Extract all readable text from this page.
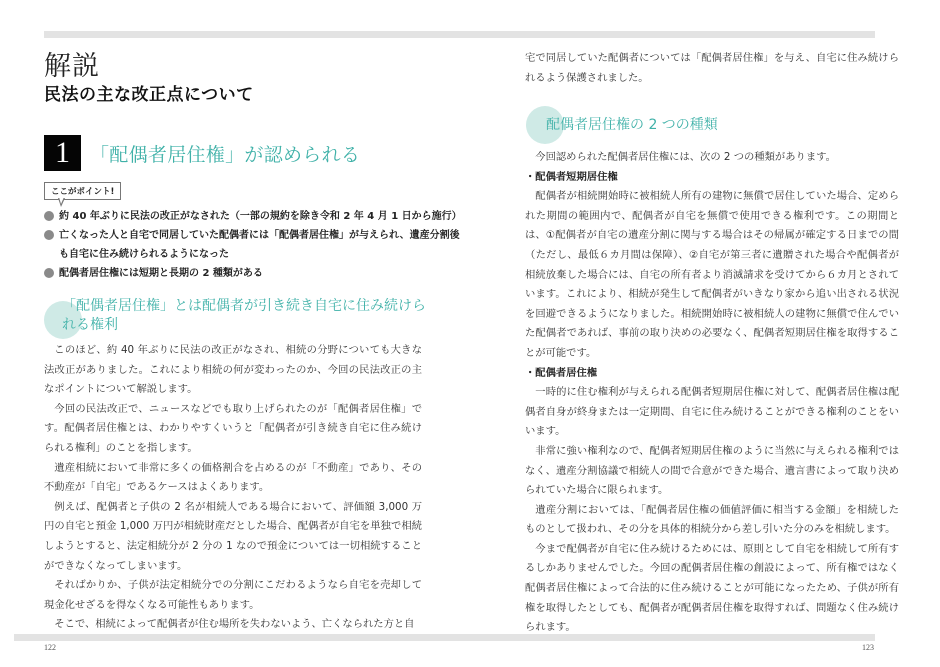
解説
民法の主な改正点について
1	「配偶者居住権」が認められる
ここがポイント!
約 40 年ぶりに民法の改正がなされた（一部の規約を除き令和 2 年 4 月 1 日から施行）
亡くなった人と自宅で同居していた配偶者には「配偶者居住権」が与えられ、遺産分割後も自宅に住み続けられるようになった
配偶者居住権には短期と長期の 2 種類がある
「配偶者居住権」とは配偶者が引き続き自宅に住み続けられる権利

このほど、約 40 年ぶりに民法の改正がなされ、相続の分野についても大きな法改正がありました。これにより相続の何が変わったのか、今回の民法改正の主なポイントについて解説します。

今回の民法改正で、ニュースなどでも取り上げられたのが「配偶者居住権」です。配偶者居住権とは、わかりやすくいうと「配偶者が引き続き自宅に住み続けられる権利」のことを指します。

遺産相続において非常に多くの価格割合を占めるのが「不動産」であり、その不動産が「自宅」であるケースはよくあります。

例えば、配偶者と子供の 2 名が相続人である場合において、評価額 3,000 万円の自宅と預金 1,000 万円が相続財産だとした場合、配偶者が自宅を単独で相続しようとすると、法定相続分が 2 分の 1 なので預金については一切相続することができなくなってしまいます。

そればかりか、子供が法定相続分での分割にこだわるようなら自宅を売却して現金化せざるを得なくなる可能性もあります。

そこで、相続によって配偶者が住む場所を失わないよう、亡くなられた方と自

122

宅で同居していた配偶者については「配偶者居住権」を与え、自宅に住み続けられるよう保護されました。

配偶者居住権の 2 つの種類

今回認められた配偶者居住権には、次の 2 つの種類があります。

・配偶者短期居住権

配偶者が相続開始時に被相続人所有の建物に無償で居住していた場合、定められた期間の範囲内で、配偶者が自宅を無償で使用できる権利です。この期間とは、①配偶者が自宅の遺産分割に関与する場合はその帰属が確定する日までの間（ただし、最低６カ月間は保障）、②自宅が第三者に遺贈された場合や配偶者が相続放棄した場合には、自宅の所有者より消滅請求を受けてから６カ月とされています。これにより、相続が発生して配偶者がいきなり家から追い出される状況を回避できるようになりました。相続開始時に被相続人の建物に無償で住んでいた配偶者であれば、事前の取り決めの必要なく、配偶者短期居住権を取得することが可能です。

・配偶者居住権

一時的に住む権利が与えられる配偶者短期居住権に対して、配偶者居住権は配偶者自身が終身または一定期間、自宅に住み続けることができる権利のことをいいます。

非常に強い権利なので、配偶者短期居住権のように当然に与えられる権利ではなく、遺産分割協議で相続人の間で合意ができた場合、遺言書によって取り決められていた場合に限られます。

遺産分割においては、「配偶者居住権の価値評価に相当する金額」を相続したものとして扱われ、その分を具体的相続分から差し引いた分のみを相続します。

今まで配偶者が自宅に住み続けるためには、原則として自宅を相続して所有するしかありませんでした。今回の配偶者居住権の創設によって、所有権ではなく配偶者居住権によって合法的に住み続けることが可能になったため、子供が所有権を取得したとしても、配偶者が配偶者居住権を取得すれば、問題なく住み続けられます。

123
